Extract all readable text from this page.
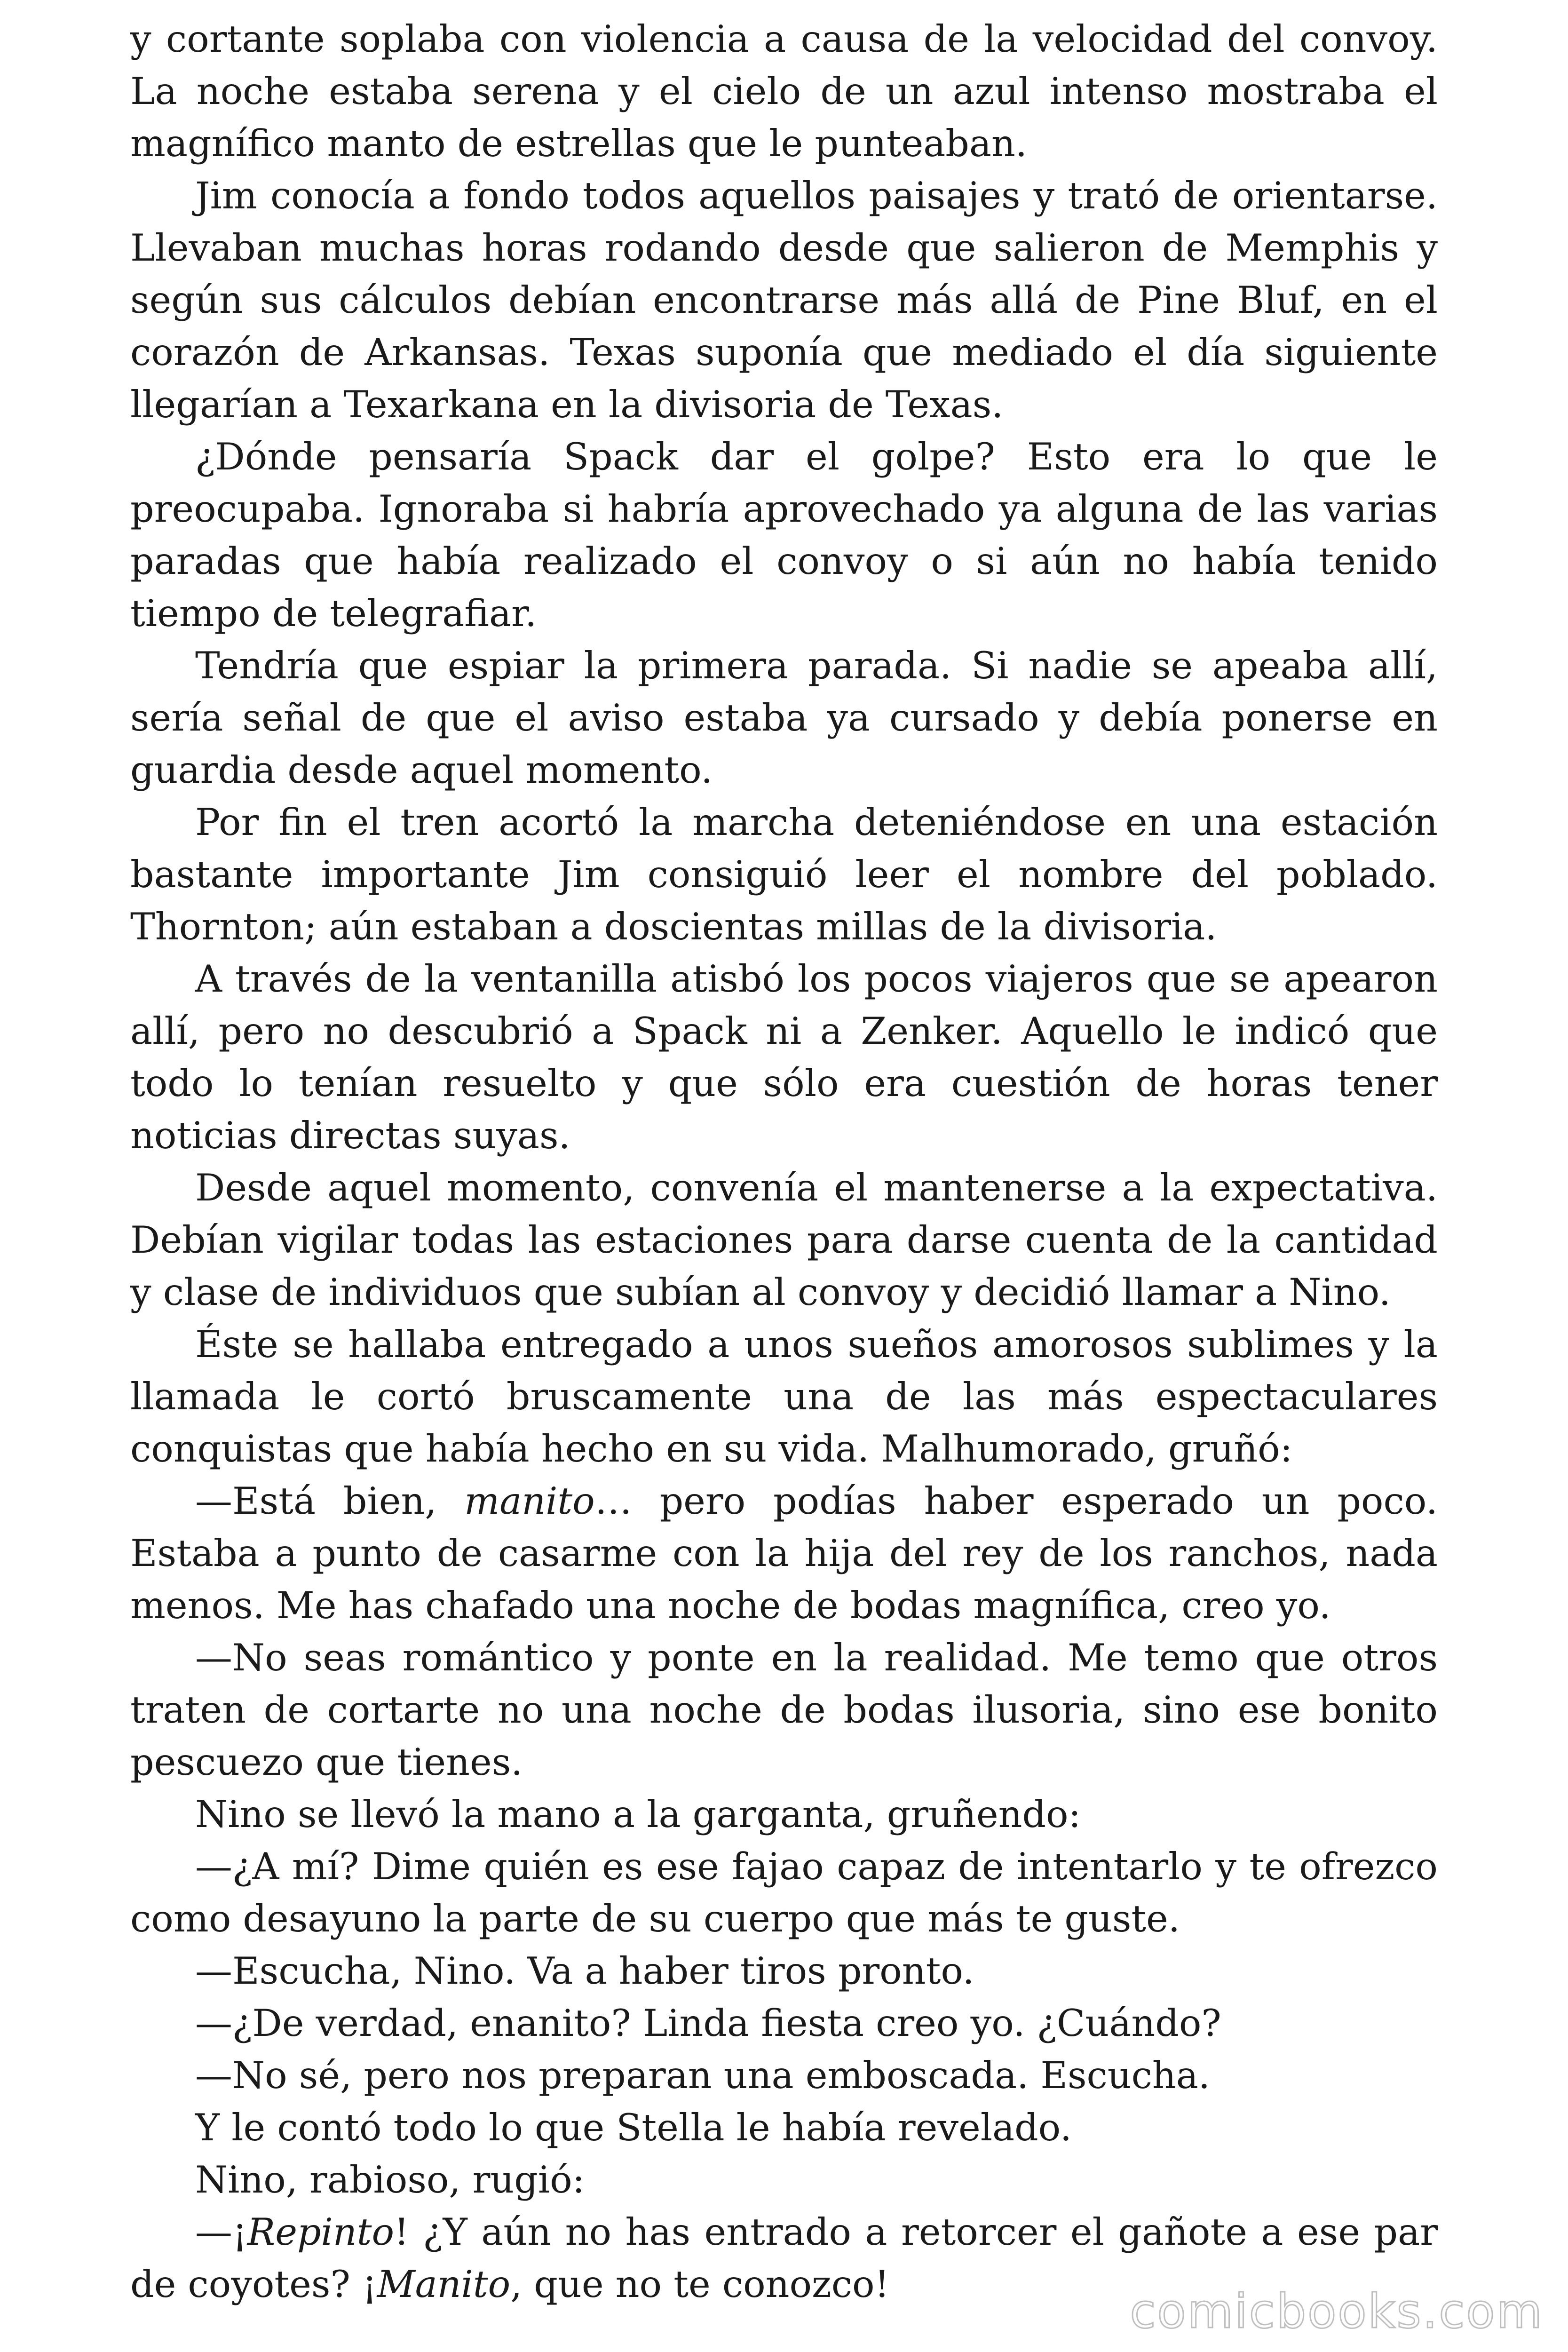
y cortante soplaba con violencia a causa de la velocidad del convoy. La noche estaba serena y el cielo de un azul intenso mostraba el magnífico manto de estrellas que le punteaban.

Jim conocía a fondo todos aquellos paisajes y trató de orientarse. Llevaban muchas horas rodando desde que salieron de Memphis y según sus cálculos debían encontrarse más allá de Pine Bluf, en el corazón de Arkansas. Texas suponía que mediado el día siguiente llegarían a Texarkana en la divisoria de Texas.

¿Dónde pensaría Spack dar el golpe? Esto era lo que le preocupaba. Ignoraba si habría aprovechado ya alguna de las varias paradas que había realizado el convoy o si aún no había tenido tiempo de telegrafiar.

Tendría que espiar la primera parada. Si nadie se apeaba allí, sería señal de que el aviso estaba ya cursado y debía ponerse en guardia desde aquel momento.

Por fin el tren acortó la marcha deteniéndose en una estación bastante importante Jim consiguió leer el nombre del poblado. Thornton; aún estaban a doscientas millas de la divisoria.

A través de la ventanilla atisbó los pocos viajeros que se apearon allí, pero no descubrió a Spack ni a Zenker. Aquello le indicó que todo lo tenían resuelto y que sólo era cuestión de horas tener noticias directas suyas.

Desde aquel momento, convenía el mantenerse a la expectativa. Debían vigilar todas las estaciones para darse cuenta de la cantidad y clase de individuos que subían al convoy y decidió llamar a Nino.

Éste se hallaba entregado a unos sueños amorosos sublimes y la llamada le cortó bruscamente una de las más espectaculares conquistas que había hecho en su vida. Malhumorado, gruñó:

—Está bien, manito… pero podías haber esperado un poco. Estaba a punto de casarme con la hija del rey de los ranchos, nada menos. Me has chafado una noche de bodas magnífica, creo yo.

—No seas romántico y ponte en la realidad. Me temo que otros traten de cortarte no una noche de bodas ilusoria, sino ese bonito pescuezo que tienes.

Nino se llevó la mano a la garganta, gruñendo:

—¿A mí? Dime quién es ese fajao capaz de intentarlo y te ofrezco como desayuno la parte de su cuerpo que más te guste.

—Escucha, Nino. Va a haber tiros pronto.

—¿De verdad, enanito? Linda fiesta creo yo. ¿Cuándo?

—No sé, pero nos preparan una emboscada. Escucha.

Y le contó todo lo que Stella le había revelado.

Nino, rabioso, rugió:

—¡Repinto! ¿Y aún no has entrado a retorcer el gañote a ese par de coyotes? ¡Manito, que no te conozco!	comicbooks.com
